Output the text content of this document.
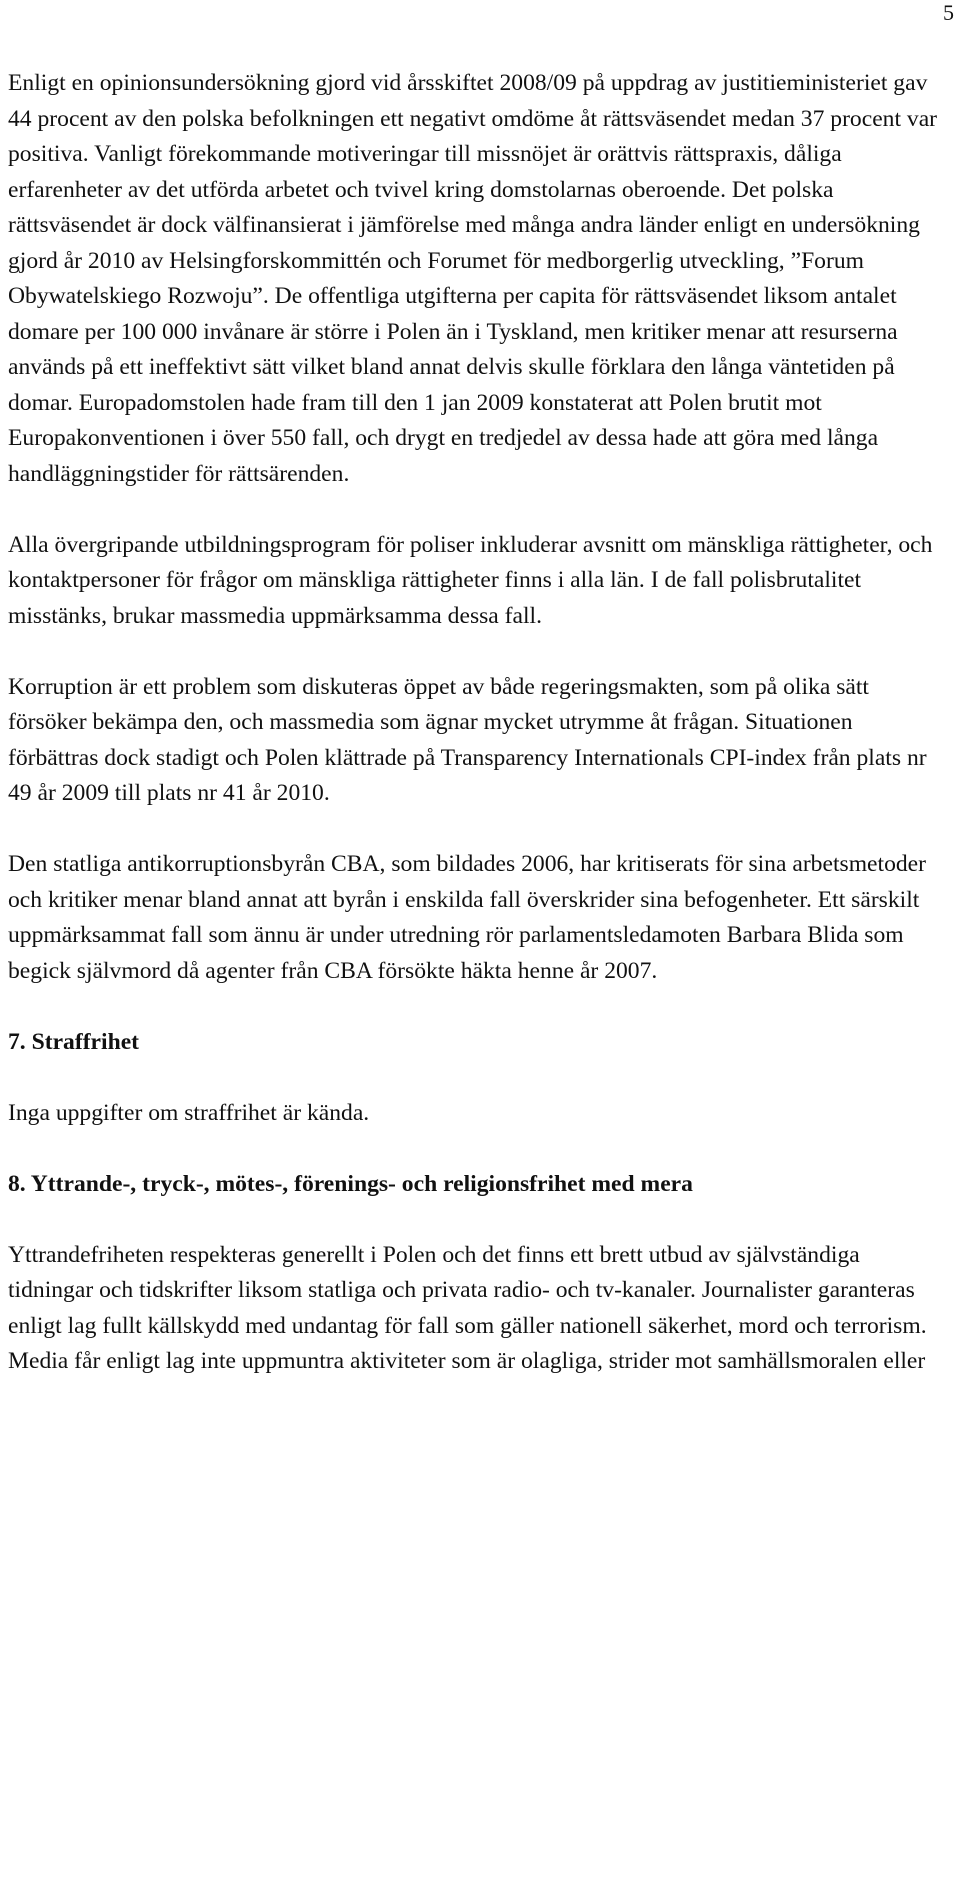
5

Enligt en opinionsundersökning gjord vid årsskiftet 2008/09 på uppdrag av justitieministeriet gav 44 procent av den polska befolkningen ett negativt omdöme åt rättsväsendet medan 37 procent var positiva. Vanligt förekommande motiveringar till missnöjet är orättvis rättspraxis, dåliga erfarenheter av det utförda arbetet och tvivel kring domstolarnas oberoende. Det polska rättsväsendet är dock välfinansierat i jämförelse med många andra länder enligt en undersökning gjord år 2010 av Helsingforskommittén och Forumet för medborgerlig utveckling, ”Forum Obywatelskiego Rozwoju”. De offentliga utgifterna per capita för rättsväsendet liksom antalet domare per 100 000 invånare är större i Polen än i Tyskland, men kritiker menar att resurserna används på ett ineffektivt sätt vilket bland annat delvis skulle förklara den långa väntetiden på domar. Europadomstolen hade fram till den 1 jan 2009 konstaterat att Polen brutit mot Europakonventionen i över 550 fall, och drygt en tredjedel av dessa hade att göra med långa handläggningstider för rättsärenden.

Alla övergripande utbildningsprogram för poliser inkluderar avsnitt om mänskliga rättigheter, och kontaktpersoner för frågor om mänskliga rättigheter finns i alla län. I de fall polisbrutalitet misstänks, brukar massmedia uppmärksamma dessa fall.

Korruption är ett problem som diskuteras öppet av både regeringsmakten, som på olika sätt försöker bekämpa den, och massmedia som ägnar mycket utrymme åt frågan. Situationen förbättras dock stadigt och Polen klättrade på Transparency Internationals CPI-index från plats nr 49 år 2009 till plats nr 41 år 2010.

Den statliga antikorruptionsbyrån CBA, som bildades 2006, har kritiserats för sina arbetsmetoder och kritiker menar bland annat att byrån i enskilda fall överskrider sina befogenheter. Ett särskilt uppmärksammat fall som ännu är under utredning rör parlamentsledamoten Barbara Blida som begick självmord då agenter från CBA försökte häkta henne år 2007.

7. Straffrihet

Inga uppgifter om straffrihet är kända.

8. Yttrande-, tryck-, mötes-, förenings- och religionsfrihet med mera

Yttrandefriheten respekteras generellt i Polen och det finns ett brett utbud av självständiga tidningar och tidskrifter liksom statliga och privata radio- och tv-kanaler. Journalister garanteras enligt lag fullt källskydd med undantag för fall som gäller nationell säkerhet, mord och terrorism. Media får enligt lag inte uppmuntra aktiviteter som är olagliga, strider mot samhällsmoralen eller
